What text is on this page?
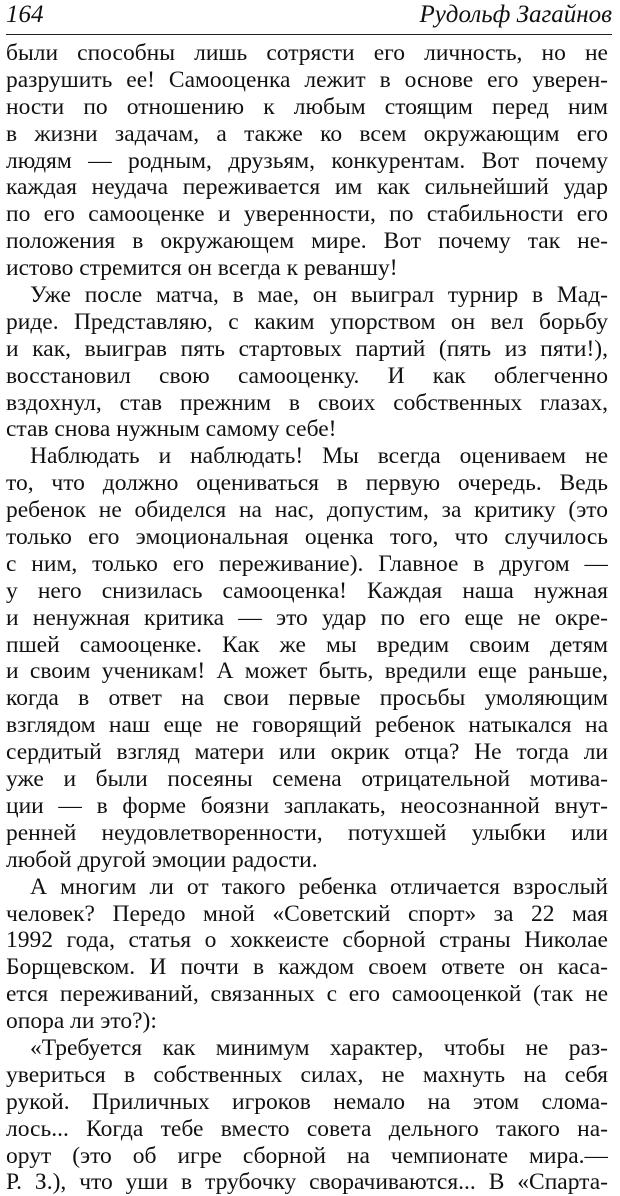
164	Рудольф Загайнов
были способны лишь сотрясти его личность, но не
разрушить ее! Самооценка лежит в основе его уверен-
ности по отношению к любым стоящим перед ним
в жизни задачам, а также ко всем окружающим его
людям — родным, друзьям, конкурентам. Вот почему
каждая неудача переживается им как сильнейший удар
по его самооценке и уверенности, по стабильности его
положения в окружающем мире. Вот почему так не-
истово стремится он всегда к реваншу!
Уже после матча, в мае, он выиграл турнир в Мад-
риде. Представляю, с каким упорством он вел борьбу
и как, выиграв пять стартовых партий (пять из пяти!),
восстановил свою самооценку. И как облегченно
вздохнул, став прежним в своих собственных глазах,
став снова нужным самому себе!
Наблюдать и наблюдать! Мы всегда оцениваем не
то, что должно оцениваться в первую очередь. Ведь
ребенок не обиделся на нас, допустим, за критику (это
только его эмоциональная оценка того, что случилось
с ним, только его переживание). Главное в другом —
у него снизилась самооценка! Каждая наша нужная
и ненужная критика — это удар по его еще не окре-
пшей самооценке. Как же мы вредим своим детям
и своим ученикам! А может быть, вредили еще раньше,
когда в ответ на свои первые просьбы умоляющим
взглядом наш еще не говорящий ребенок натыкался на
сердитый взгляд матери или окрик отца? Не тогда ли
уже и были посеяны семена отрицательной мотива-
ции — в форме боязни заплакать, неосознанной внут-
ренней неудовлетворенности, потухшей улыбки или
любой другой эмоции радости.
А многим ли от такого ребенка отличается взрослый
человек? Передо мной «Советский спорт» за 22 мая
1992 года, статья о хоккеисте сборной страны Николае
Борщевском. И почти в каждом своем ответе он каса-
ется переживаний, связанных с его самооценкой (так не
опора ли это?):
«Требуется как минимум характер, чтобы не раз-
увериться в собственных силах, не махнуть на себя
рукой. Приличных игроков немало на этом слома-
лось... Когда тебе вместо совета дельного такого на-
орут (это об игре сборной на чемпионате мира.—
Р. З.), что уши в трубочку сворачиваются... В «Спарта-
